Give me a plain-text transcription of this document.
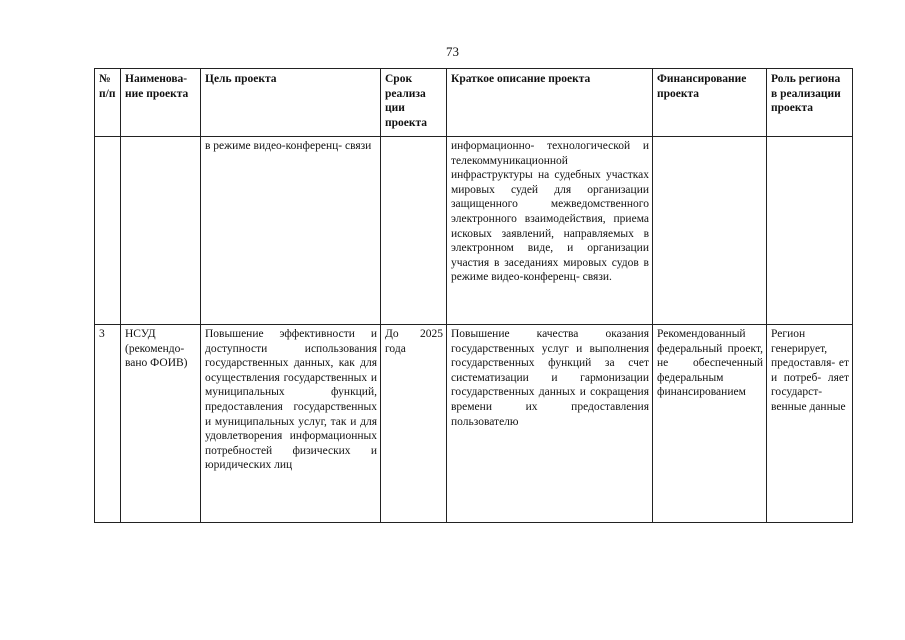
73
№ п/п	Наименова- ние проекта	Цель проекта	Срок реализа ции проекта	Краткое описание проекта	Финансирование проекта	Роль региона в реализации проекта
		в режиме видео-конференц- связи		информационно- технологической и телекоммуникационной инфраструктуры на судебных участках мировых судей для организации защищенного межведомственного электронного взаимодействия, приема исковых заявлений, направляемых в электронном виде, и организации участия в заседаниях мировых судов в режиме видео-конференц- связи.		
3	НСУД (рекомендо- вано ФОИВ)	Повышение эффективности и доступности использования государственных данных, как для осуществления государственных и муниципальных функций, предоставления государственных и муниципальных услуг, так и для удовлетворения информационных потребностей физических и юридических лиц	До 2025 года	Повышение качества оказания государственных услуг и выполнения государственных функций за счет систематизации и гармонизации государственных данных и сокращения времени их предоставления пользователю	Рекомендованный федеральный проект, не обеспеченный федеральным финансированием	Регион генерирует, предоставля- ет и потреб- ляет государст- венные данные
